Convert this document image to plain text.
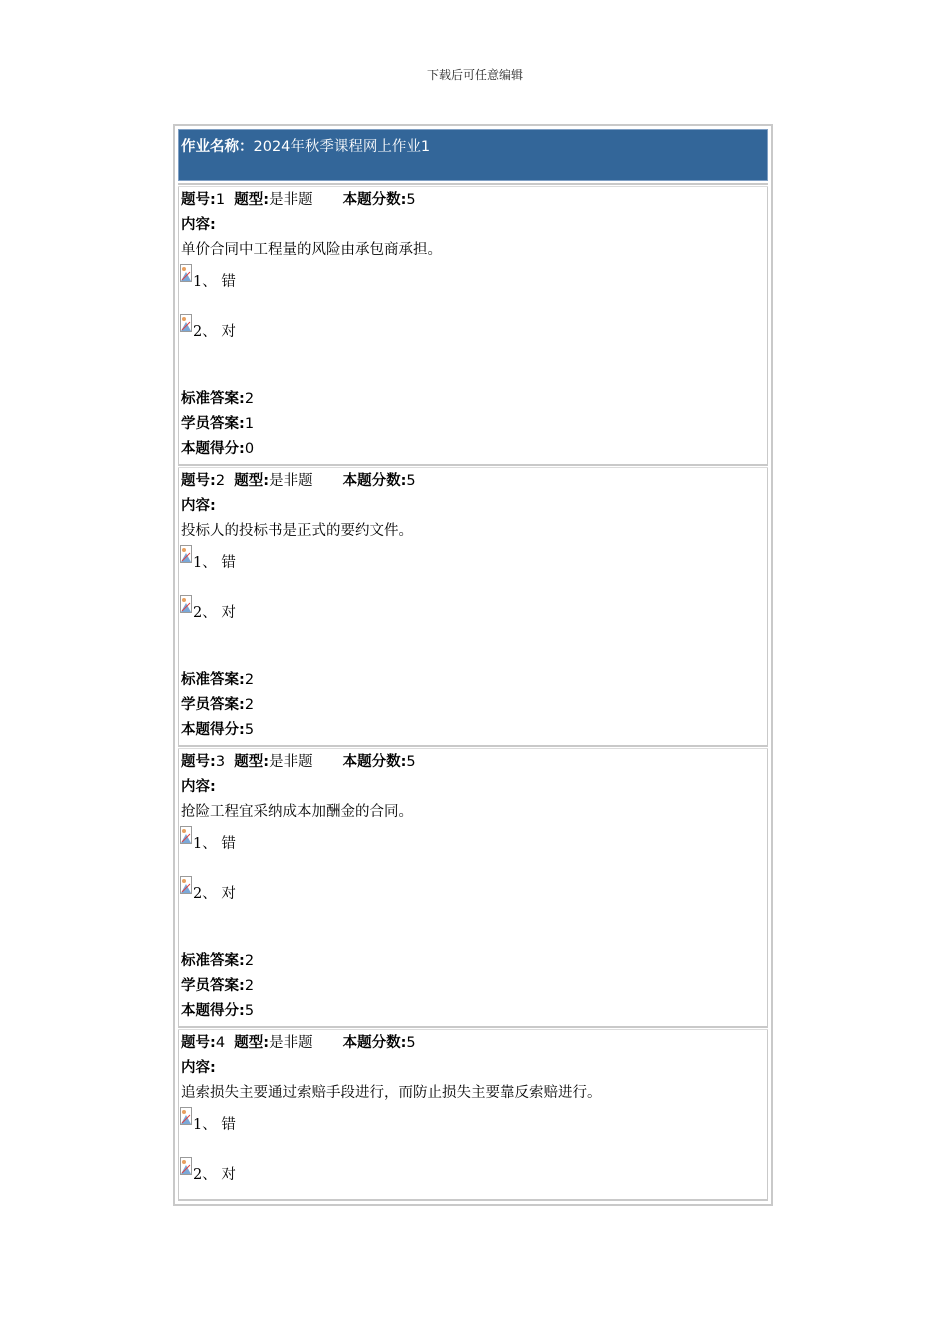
下载后可任意编辑
作业名称：2024年秋季课程网上作业1
题号:1 题型:是非题 本题分数:5
内容:
单价合同中工程量的风险由承包商承担。
1、 错
2、 对
标准答案:2
学员答案:1
本题得分:0
题号:2 题型:是非题 本题分数:5
内容:
投标人的投标书是正式的要约文件。
1、 错
2、 对
标准答案:2
学员答案:2
本题得分:5
题号:3 题型:是非题 本题分数:5
内容:
抢险工程宜采纳成本加酬金的合同。
1、 错
2、 对
标准答案:2
学员答案:2
本题得分:5
题号:4 题型:是非题 本题分数:5
内容:
追索损失主要通过索赔手段进行，而防止损失主要靠反索赔进行。
1、 错
2、 对
